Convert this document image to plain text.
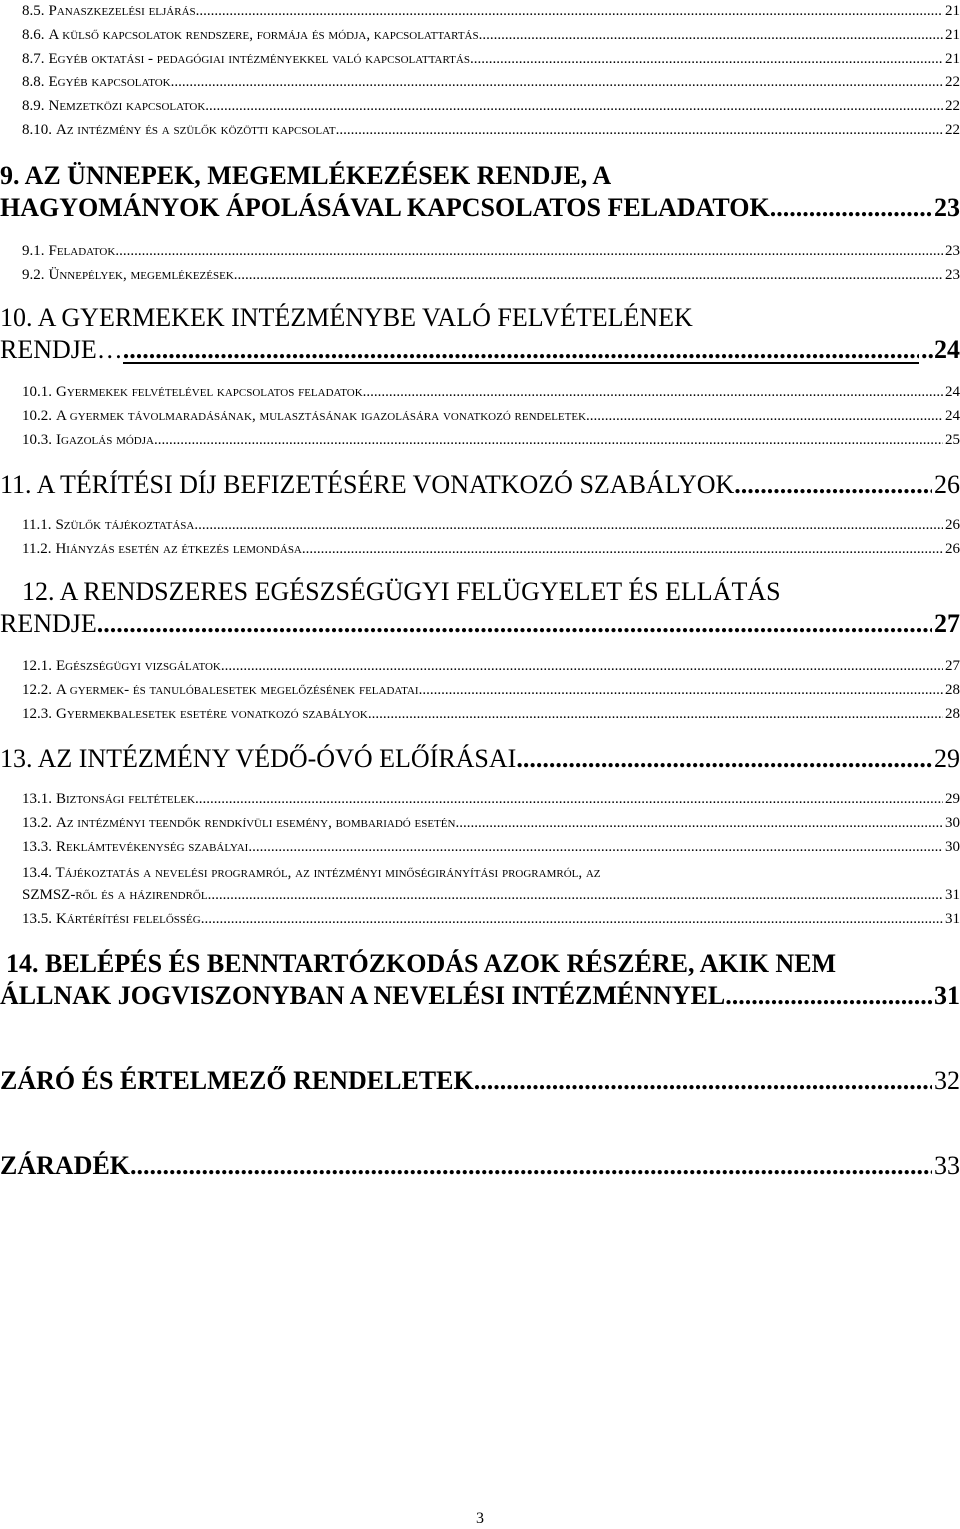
8.5. Panaszkezelési eljárás .....	21
8.6. A külső kapcsolatok rendszere, formája és módja, kapcsolattartás .....	21
8.7. Egyéb oktatási - pedagógiai intézményekkel való kapcsolattartás .....	21
8.8. Egyéb kapcsolatok .....	22
8.9. Nemzetközi kapcsolatok .....	22
8.10. Az intézmény és a szülők közötti kapcsolat .....	22
9. AZ ÜNNEPEK, MEGEMLÉKEZÉSEK RENDJE, A
HAGYOMÁNYOK ÁPOLÁSÁVAL KAPCSOLATOS FELADATOK .....	23
9.1. Feladatok .....	23
9.2. Ünnepélyek, megemlékezések .....	23
10. A GYERMEKEK INTÉZMÉNYBE VALÓ FELVÉTELÉNEK
RENDJE… .....	..24
10.1. Gyermekek felvételével kapcsolatos feladatok .....	24
10.2. A gyermek távolmaradásának, mulasztásának igazolására vonatkozó rendeletek .....	24
10.3. Igazolás módja .....	25
11. A TÉRÍTÉSI DÍJ BEFIZETÉSÉRE VONATKOZÓ SZABÁLYOK .....	26
11.1. Szülők tájékoztatása .....	26
11.2. Hiányzás esetén az étkezés lemondása .....	26
12. A RENDSZERES EGÉSZSÉGÜGYI FELÜGYELET ÉS ELLÁTÁS
RENDJE .....	27
12.1. Egészségügyi vizsgálatok .....	27
12.2. A gyermek- és tanulóbalesetek megelőzésének feladatai .....	28
12.3. Gyermekbalesetek esetére vonatkozó szabályok .....	28
13. AZ INTÉZMÉNY VÉDŐ-ÓVÓ ELŐÍRÁSAI .....	29
13.1. Biztonsági feltételek .....	29
13.2. Az intézményi teendők rendkívüli esemény, bombariadó esetén .....	30
13.3. Reklámtevékenység szabályai .....	30
13.4. Tájékoztatás a nevelési programról, az intézményi minőségirányítási programról, az
SZMSZ-ről és a házirendről .....	31
13.5. Kártérítési felelősség .....	31
14. BELÉPÉS ÉS BENNTARTÓZKODÁS AZOK RÉSZÉRE, AKIK NEM
ÁLLNAK JOGVISZONYBAN A NEVELÉSI INTÉZMÉNNYEL .....	31
ZÁRÓ ÉS ÉRTELMEZŐ RENDELETEK .....	32
ZÁRADÉK .....	33
3
